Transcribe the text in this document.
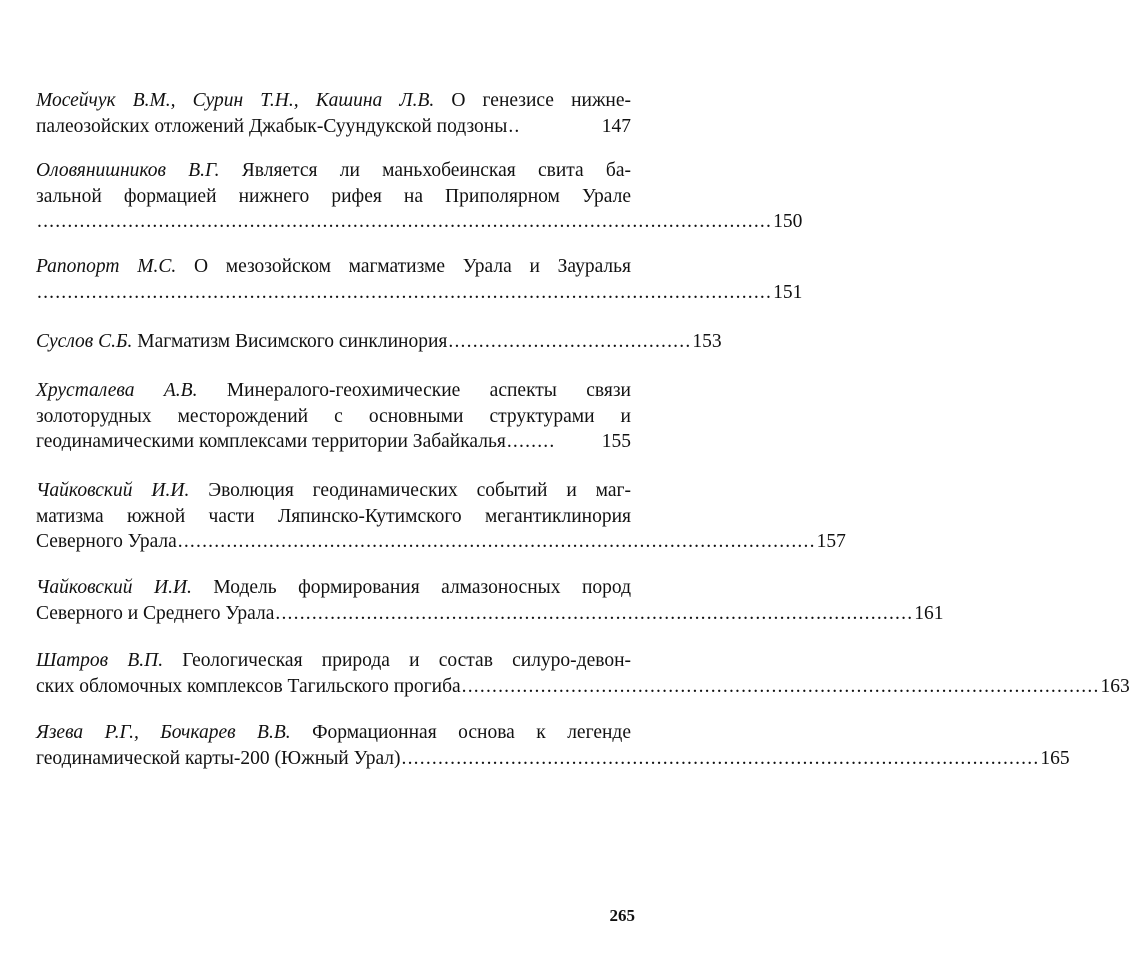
Мосейчук В.М., Сурин Т.Н., Кашина Л.В. О генезисе нижне-
палеозойских отложений Джабык-Суундукской подзоны ..	147
Оловянишников В.Г. Является ли маньхобеинская свита ба-
зальной формацией нижнего рифея на Приполярном Урале
......................................................................................................................... 150
Рапопорт М.С. О мезозойском магматизме Урала и Зауралья
......................................................................................................................... 151
Суслов С.Б. Магматизм Висимского синклинория ........................................ 153
Хрусталева А.В. Минералого-геохимические аспекты связи
золоторудных месторождений с основными структурами и
геодинамическими комплексами территории Забайкалья ........	155
Чайковский И.И. Эволюция геодинамических событий и маг-
матизма южной части Ляпинско-Кутимского мегантиклинория
Северного Урала ......................................................................................................... 157
Чайковский И.И. Модель формирования алмазоносных пород
Северного и Среднего Урала ......................................................................................................... 161
Шатров В.П. Геологическая природа и состав силуро-девон-
ских обломочных комплексов Тагильского прогиба ......................................................................................................... 163
Язева Р.Г., Бочкарев В.В. Формационная основа к легенде
геодинамической карты-200 (Южный Урал) ......................................................................................................... 165
265
